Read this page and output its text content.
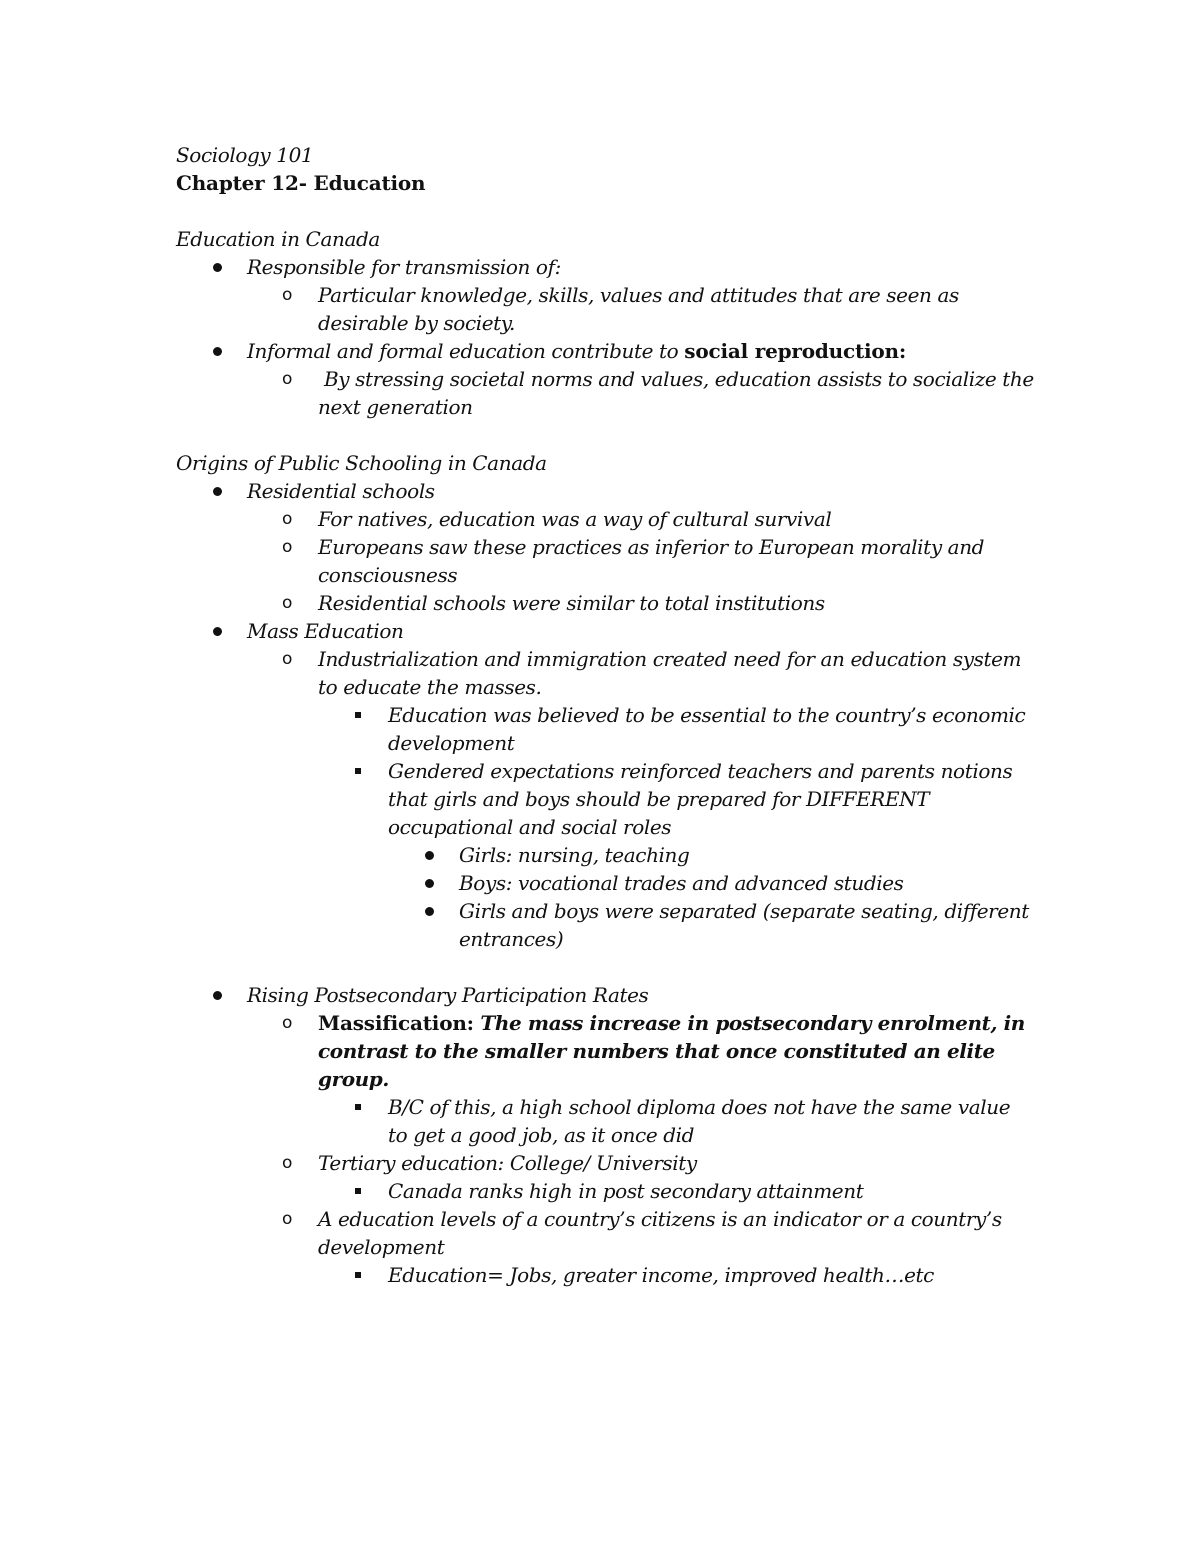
Sociology 101
Chapter 12- Education
Education in Canada
Responsible for transmission of:
o Particular knowledge, skills, values and attitudes that are seen as
desirable by society.
Informal and formal education contribute to social reproduction:
o By stressing societal norms and values, education assists to socialize the
next generation
Origins of Public Schooling in Canada
Residential schools
o For natives, education was a way of cultural survival
o Europeans saw these practices as inferior to European morality and
consciousness
o Residential schools were similar to total institutions
Mass Education
o Industrialization and immigration created need for an education system
to educate the masses.
Education was believed to be essential to the country’s economic
development
Gendered expectations reinforced teachers and parents notions
that girls and boys should be prepared for DIFFERENT
occupational and social roles
Girls: nursing, teaching
Boys: vocational trades and advanced studies
Girls and boys were separated (separate seating, different
entrances)
Rising Postsecondary Participation Rates
o Massification: The mass increase in postsecondary enrolment, in
contrast to the smaller numbers that once constituted an elite
group.
B/C of this, a high school diploma does not have the same value
to get a good job, as it once did
o Tertiary education: College/ University
Canada ranks high in post secondary attainment
o A education levels of a country’s citizens is an indicator or a country’s
development
Education= Jobs, greater income, improved health…etc
